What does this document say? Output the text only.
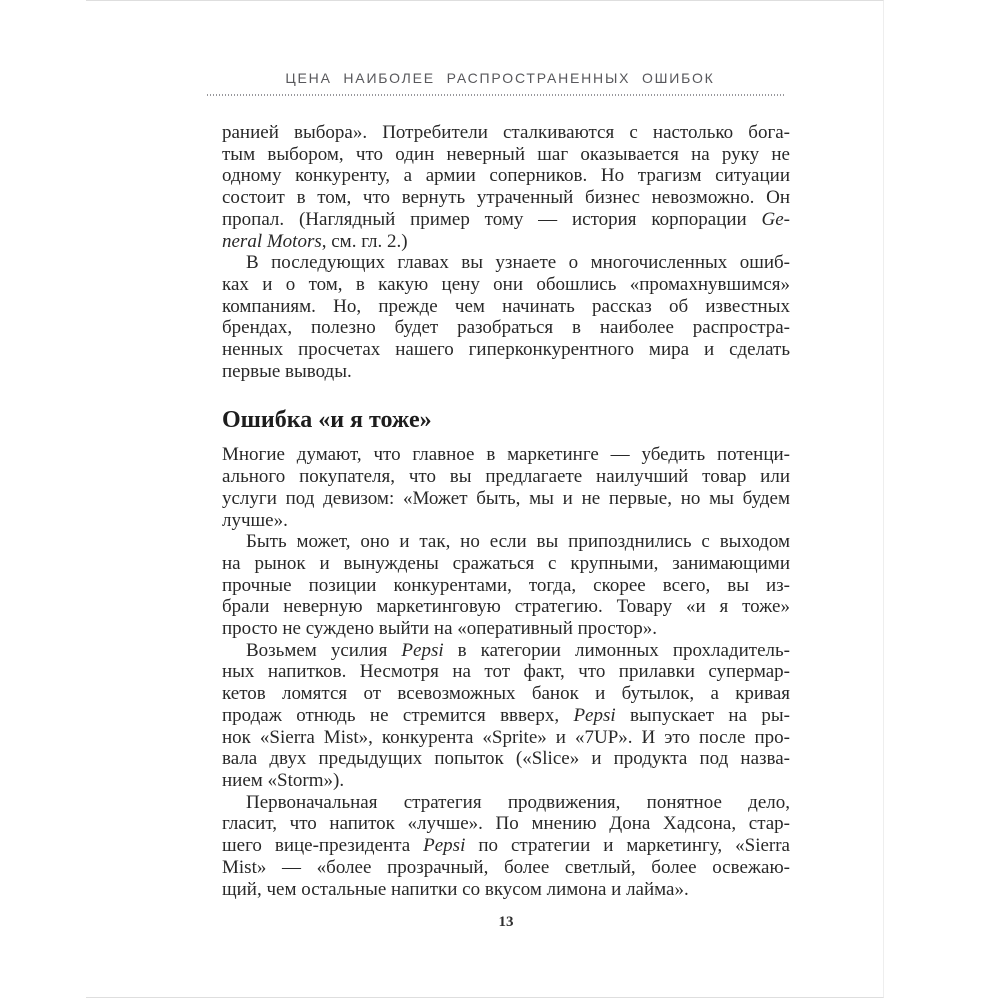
ЦЕНА НАИБОЛЕЕ РАСПРОСТРАНЕННЫХ ОШИБОК
ранией выбора». Потребители сталкиваются с настолько бога-
тым выбором, что один неверный шаг оказывается на руку не
одному конкуренту, а армии соперников. Но трагизм ситуации
состоит в том, что вернуть утраченный бизнес невозможно. Он
пропал. (Наглядный пример тому — история корпорации Ge-
neral Motors, см. гл. 2.)
В последующих главах вы узнаете о многочисленных ошиб-
ках и о том, в какую цену они обошлись «промахнувшимся»
компаниям. Но, прежде чем начинать рассказ об известных
брендах, полезно будет разобраться в наиболее распростра-
ненных просчетах нашего гиперконкурентного мира и сделать
первые выводы.
Ошибка «и я тоже»
Многие думают, что главное в маркетинге — убедить потенци-
ального покупателя, что вы предлагаете наилучший товар или
услуги под девизом: «Может быть, мы и не первые, но мы будем
лучше».
Быть может, оно и так, но если вы припозднились с выходом
на рынок и вынуждены сражаться с крупными, занимающими
прочные позиции конкурентами, тогда, скорее всего, вы из-
брали неверную маркетинговую стратегию. Товару «и я тоже»
просто не суждено выйти на «оперативный простор».
Возьмем усилия Pepsi в категории лимонных прохладитель-
ных напитков. Несмотря на тот факт, что прилавки супермар-
кетов ломятся от всевозможных банок и бутылок, а кривая
продаж отнюдь не стремится ввверх, Pepsi выпускает на ры-
нок «Sierra Mist», конкурента «Sprite» и «7UP». И это после про-
вала двух предыдущих попыток («Slice» и продукта под назва-
нием «Storm»).
Первоначальная стратегия продвижения, понятное дело,
гласит, что напиток «лучше». По мнению Дона Хадсона, стар-
шего вице-президента Pepsi по стратегии и маркетингу, «Sierra
Mist» — «более прозрачный, более светлый, более освежаю-
щий, чем остальные напитки со вкусом лимона и лайма».
13
